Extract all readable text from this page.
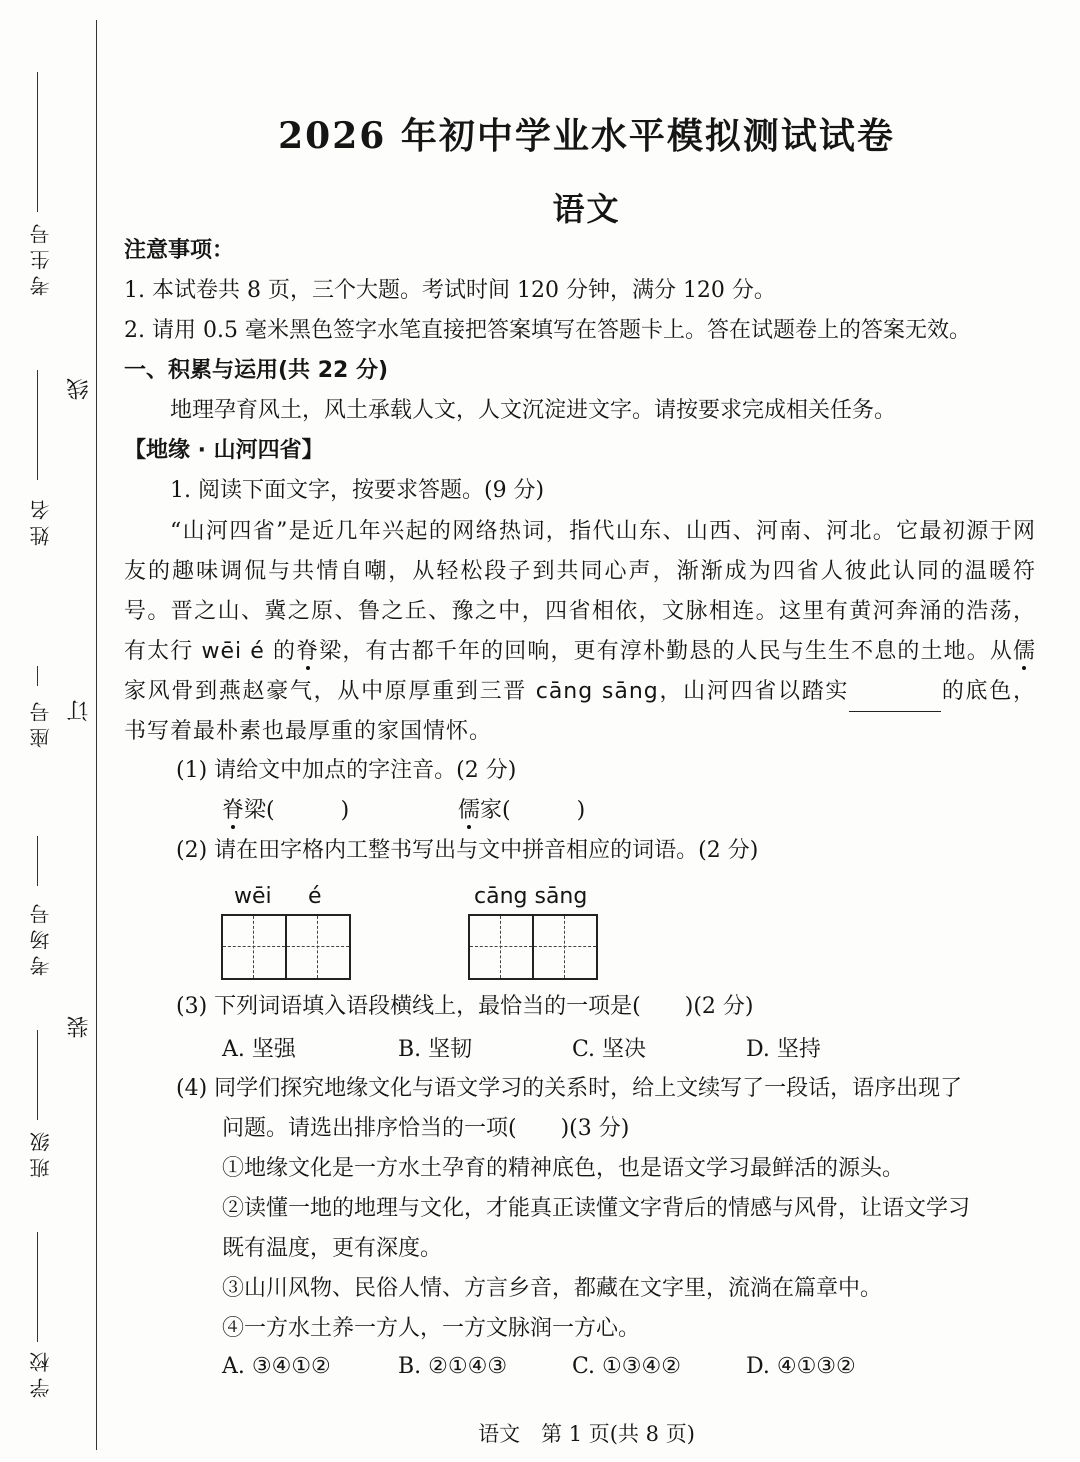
考生号
姓名
座号
考场号
班级
学校
线
订
装
2026 年初中学业水平模拟测试试卷
语文
注意事项：
1. 本试卷共 8 页，三个大题。考试时间 120 分钟，满分 120 分。
2. 请用 0.5 毫米黑色签字水笔直接把答案填写在答题卡上。答在试题卷上的答案无效。
一、积累与运用(共 22 分)
地理孕育风土，风土承载人文，人文沉淀进文字。请按要求完成相关任务。
【地缘 · 山河四省】
1. 阅读下面文字，按要求答题。(9 分)
“山河四省”是近几年兴起的网络热词，指代山东、山西、河南、河北。它最初源于网友的趣味调侃与共情自嘲，从轻松段子到共同心声，渐渐成为四省人彼此认同的温暖符号。晋之山、冀之原、鲁之丘、豫之中，四省相依，文脉相连。这里有黄河奔涌的浩荡，有太行 wēi é 的脊梁，有古都千年的回响，更有淳朴勤恳的人民与生生不息的土地。从儒家风骨到燕赵豪气，从中原厚重到三晋 cāng sāng，山河四省以踏实	的底色，书写着最朴素也最厚重的家国情怀。
(1) 请给文中加点的字注音。(2 分)
脊梁(	)	儒家(	)
(2) 请在田字格内工整书写出与文中拼音相应的词语。(2 分)
wēi é	cāng sāng
(3) 下列词语填入语段横线上，最恰当的一项是(　　)(2 分)
A. 坚强	B. 坚韧	C. 坚决	D. 坚持
(4) 同学们探究地缘文化与语文学习的关系时，给上文续写了一段话，语序出现了
问题。请选出排序恰当的一项(　　)(3 分)
①地缘文化是一方水土孕育的精神底色，也是语文学习最鲜活的源头。
②读懂一地的地理与文化，才能真正读懂文字背后的情感与风骨，让语文学习
既有温度，更有深度。
③山川风物、民俗人情、方言乡音，都藏在文字里，流淌在篇章中。
④一方水土养一方人，一方文脉润一方心。
A. ③④①②	B. ②①④③	C. ①③④②	D. ④①③②
语文　第 1 页(共 8 页)
